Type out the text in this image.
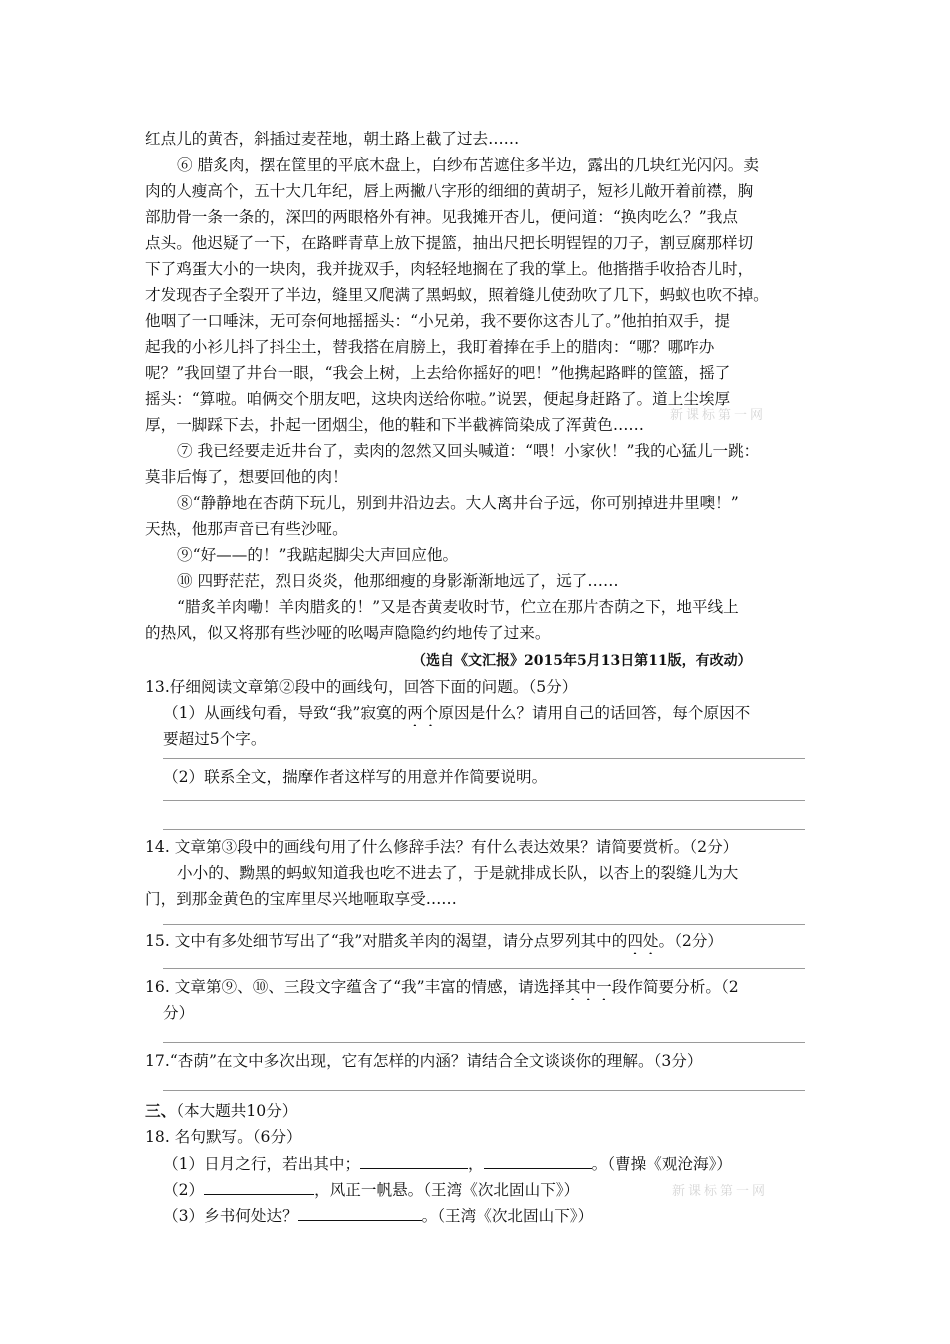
红点儿的黄杏，斜插过麦茬地，朝土路上截了过去……
⑥ 腊炙肉，摆在筐里的平底木盘上，白纱布苫遮住多半边，露出的几块红光闪闪。卖
肉的人瘦高个，五十大几年纪，唇上两撇八字形的细细的黄胡子，短衫儿敞开着前襟，胸
部肋骨一条一条的，深凹的两眼格外有神。见我摊开杏儿，便问道：“换肉吃么？”我点
点头。他迟疑了一下，在路畔青草上放下提篮，抽出尺把长明锃锃的刀子，割豆腐那样切
下了鸡蛋大小的一块肉，我并拢双手，肉轻轻地搁在了我的掌上。他揩揩手收拾杏儿时，
才发现杏子全裂开了半边，缝里又爬满了黑蚂蚁，照着缝儿使劲吹了几下，蚂蚁也吹不掉。
他咽了一口唾沫，无可奈何地摇摇头：“小兄弟，我不要你这杏儿了。”他拍拍双手，提
起我的小衫儿抖了抖尘土，替我搭在肩膀上，我盯着捧在手上的腊肉：“哪？哪咋办
呢？”我回望了井台一眼，“我会上树，上去给你摇好的吧！”他携起路畔的筐篮，摇了
摇头：“算啦。咱俩交个朋友吧，这块肉送给你啦。”说罢，便起身赶路了。道上尘埃厚
厚，一脚踩下去，扑起一团烟尘，他的鞋和下半截裤筒染成了浑黄色……
新课标第一网
⑦ 我已经要走近井台了，卖肉的忽然又回头喊道：“喂！小家伙！”我的心猛儿一跳：
莫非后悔了，想要回他的肉！
⑧“静静地在杏荫下玩儿，别到井沿边去。大人离井台子远，你可别掉进井里噢！”
天热，他那声音已有些沙哑。
⑨“好——的！”我踮起脚尖大声回应他。
⑩ 四野茫茫，烈日炎炎，他那细瘦的身影渐渐地远了，远了……
“腊炙羊肉嘞！羊肉腊炙的！”又是杏黄麦收时节，伫立在那片杏荫之下，地平线上
的热风，似又将那有些沙哑的吆喝声隐隐约约地传了过来。
（选自《文汇报》2015年5月13日第11版，有改动）
13.仔细阅读文章第②段中的画线句，回答下面的问题。（5分）
（1）从画线句看，导致“我”寂寞的两个原因是什么？请用自己的话回答，每个原因不
要超过5个字。
（2）联系全文，揣摩作者这样写的用意并作简要说明。
14. 文章第③段中的画线句用了什么修辞手法？有什么表达效果？请简要赏析。（2分）
小小的、黝黑的蚂蚁知道我也吃不进去了，于是就排成长队，以杏上的裂缝儿为大
门，到那金黄色的宝库里尽兴地咂取享受……
15. 文中有多处细节写出了“我”对腊炙羊肉的渴望，请分点罗列其中的四处。（2分）
16. 文章第⑨、⑩、三段文字蕴含了“我”丰富的情感，请选择其中一段作简要分析。（2
分）
17.“杏荫”在文中多次出现，它有怎样的内涵？请结合全文谈谈你的理解。（3分）
三、（本大题共10分）
18. 名句默写。（6分）
（1）日月之行，若出其中；	，	。（曹操《观沧海》）
（2）	，风正一帆悬。（王湾《次北固山下》）	新课标第一网
（3）乡书何处达？	。（王湾《次北固山下》）
